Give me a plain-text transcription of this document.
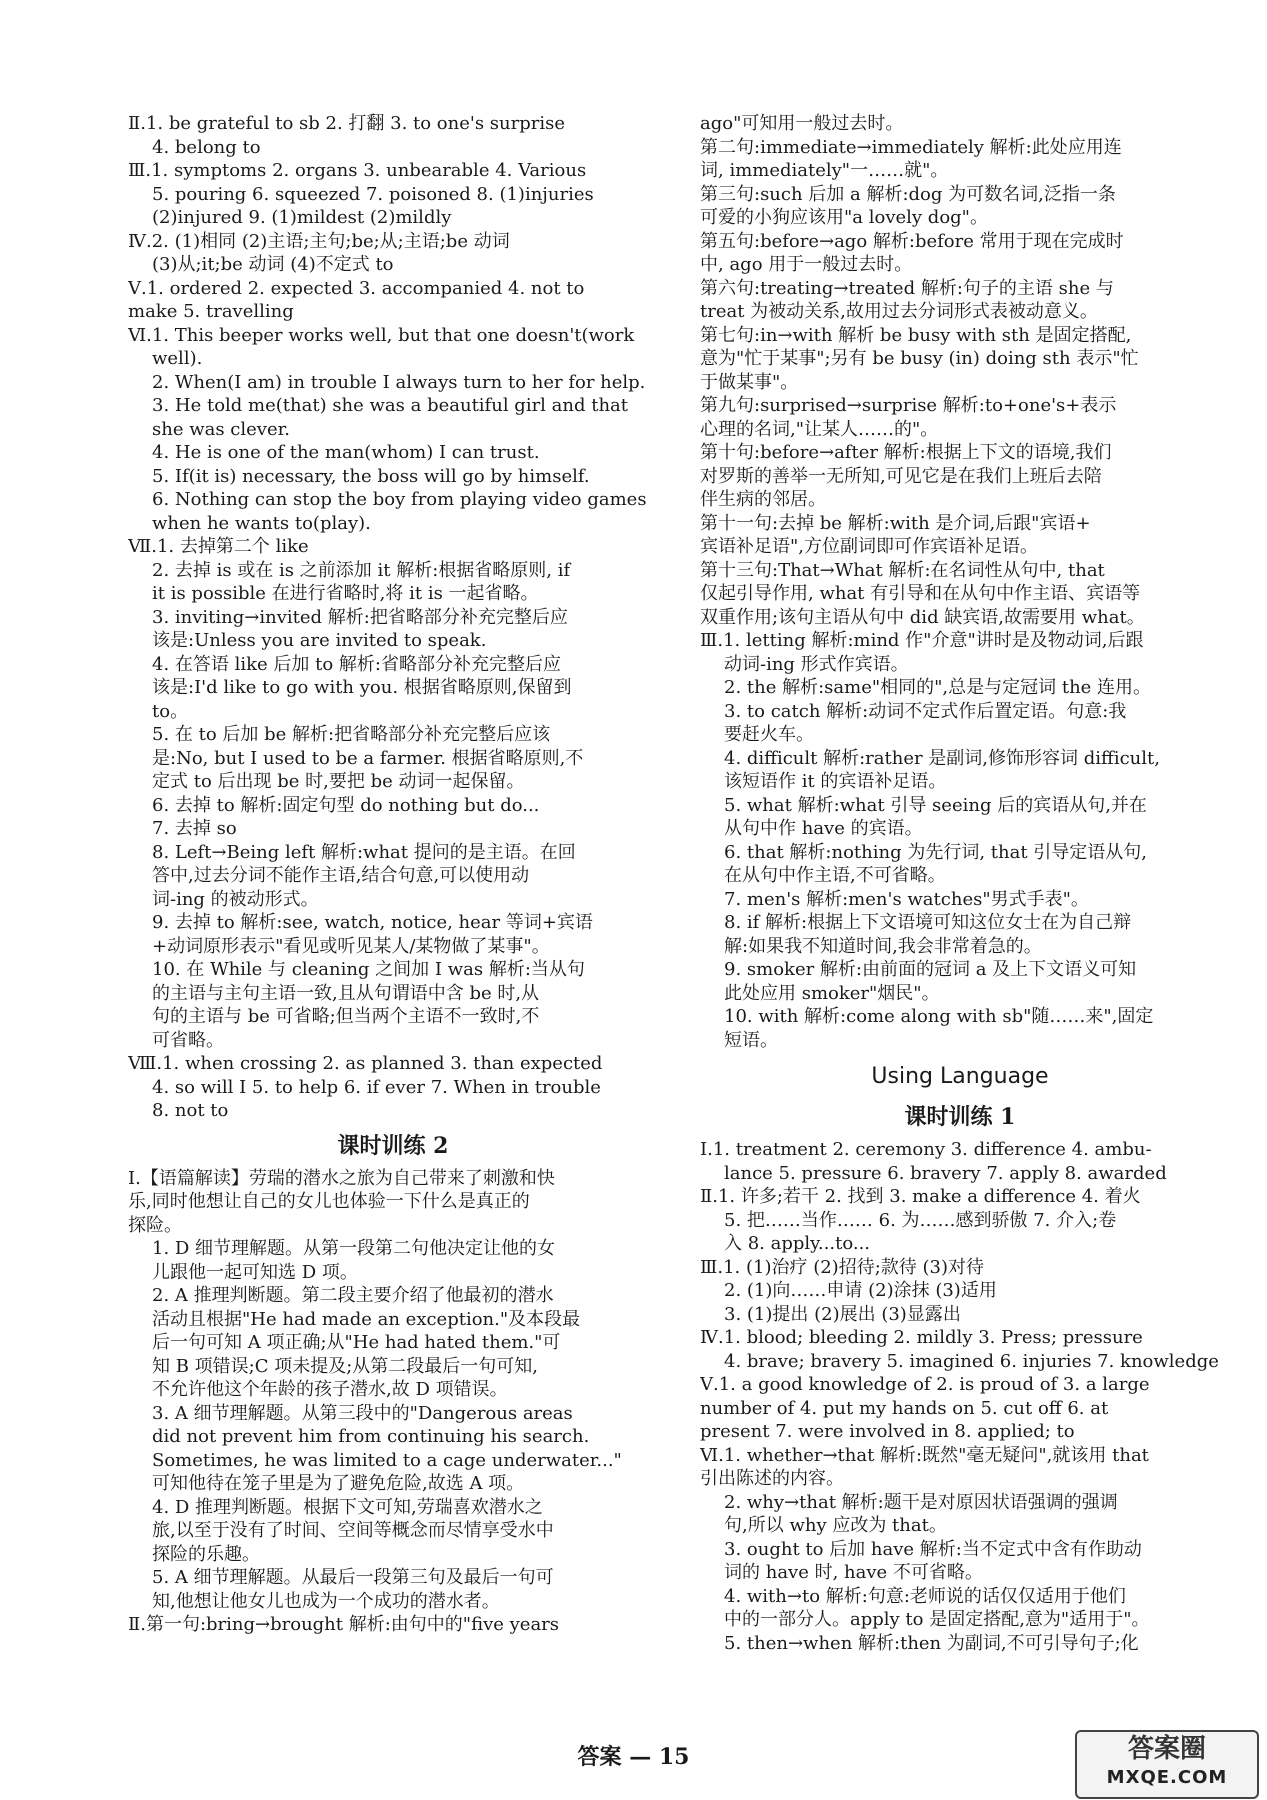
Ⅱ.1. be grateful to sb 2. 打翻 3. to one's surprise
4. belong to
Ⅲ.1. symptoms 2. organs 3. unbearable 4. Various
5. pouring 6. squeezed 7. poisoned 8. (1)injuries
(2)injured 9. (1)mildest (2)mildly
Ⅳ.2. (1)相同 (2)主语;主句;be;从;主语;be 动词
(3)从;it;be 动词 (4)不定式 to
Ⅴ.1. ordered 2. expected 3. accompanied 4. not to
make 5. travelling
Ⅵ.1. This beeper works well, but that one doesn't(work
well).
2. When(I am) in trouble I always turn to her for help.
3. He told me(that) she was a beautiful girl and that
she was clever.
4. He is one of the man(whom) I can trust.
5. If(it is) necessary, the boss will go by himself.
6. Nothing can stop the boy from playing video games
when he wants to(play).
Ⅶ.1. 去掉第二个 like
2. 去掉 is 或在 is 之前添加 it 解析:根据省略原则, if
it is possible 在进行省略时,将 it is 一起省略。
3. inviting→invited 解析:把省略部分补充完整后应
该是:Unless you are invited to speak.
4. 在答语 like 后加 to 解析:省略部分补充完整后应
该是:I'd like to go with you. 根据省略原则,保留到
to。
5. 在 to 后加 be 解析:把省略部分补充完整后应该
是:No, but I used to be a farmer. 根据省略原则,不
定式 to 后出现 be 时,要把 be 动词一起保留。
6. 去掉 to 解析:固定句型 do nothing but do...
7. 去掉 so
8. Left→Being left 解析:what 提问的是主语。在回
答中,过去分词不能作主语,结合句意,可以使用动
词-ing 的被动形式。
9. 去掉 to 解析:see, watch, notice, hear 等词+宾语
+动词原形表示"看见或听见某人/某物做了某事"。
10. 在 While 与 cleaning 之间加 I was 解析:当从句
的主语与主句主语一致,且从句谓语中含 be 时,从
句的主语与 be 可省略;但当两个主语不一致时,不
可省略。
Ⅷ.1. when crossing 2. as planned 3. than expected
4. so will I 5. to help 6. if ever 7. When in trouble
8. not to
课时训练 2
Ⅰ.【语篇解读】劳瑞的潜水之旅为自己带来了刺激和快
乐,同时他想让自己的女儿也体验一下什么是真正的
探险。
1. D 细节理解题。从第一段第二句他决定让他的女
儿跟他一起可知选 D 项。
2. A 推理判断题。第二段主要介绍了他最初的潜水
活动且根据"He had made an exception."及本段最
后一句可知 A 项正确;从"He had hated them."可
知 B 项错误;C 项未提及;从第二段最后一句可知,
不允许他这个年龄的孩子潜水,故 D 项错误。
3. A 细节理解题。从第三段中的"Dangerous areas
did not prevent him from continuing his search.
Sometimes, he was limited to a cage underwater..."
可知他待在笼子里是为了避免危险,故选 A 项。
4. D 推理判断题。根据下文可知,劳瑞喜欢潜水之
旅,以至于没有了时间、空间等概念而尽情享受水中
探险的乐趣。
5. A 细节理解题。从最后一段第三句及最后一句可
知,他想让他女儿也成为一个成功的潜水者。
Ⅱ.第一句:bring→brought 解析:由句中的"five years
ago"可知用一般过去时。
第二句:immediate→immediately 解析:此处应用连
词, immediately"一……就"。
第三句:such 后加 a 解析:dog 为可数名词,泛指一条
可爱的小狗应该用"a lovely dog"。
第五句:before→ago 解析:before 常用于现在完成时
中, ago 用于一般过去时。
第六句:treating→treated 解析:句子的主语 she 与
treat 为被动关系,故用过去分词形式表被动意义。
第七句:in→with 解析 be busy with sth 是固定搭配,
意为"忙于某事";另有 be busy (in) doing sth 表示"忙
于做某事"。
第九句:surprised→surprise 解析:to+one's+表示
心理的名词,"让某人……的"。
第十句:before→after 解析:根据上下文的语境,我们
对罗斯的善举一无所知,可见它是在我们上班后去陪
伴生病的邻居。
第十一句:去掉 be 解析:with 是介词,后跟"宾语+
宾语补足语",方位副词即可作宾语补足语。
第十三句:That→What 解析:在名词性从句中, that
仅起引导作用, what 有引导和在从句中作主语、宾语等
双重作用;该句主语从句中 did 缺宾语,故需要用 what。
Ⅲ.1. letting 解析:mind 作"介意"讲时是及物动词,后跟
动词-ing 形式作宾语。
2. the 解析:same"相同的",总是与定冠词 the 连用。
3. to catch 解析:动词不定式作后置定语。句意:我
要赶火车。
4. difficult 解析:rather 是副词,修饰形容词 difficult,
该短语作 it 的宾语补足语。
5. what 解析:what 引导 seeing 后的宾语从句,并在
从句中作 have 的宾语。
6. that 解析:nothing 为先行词, that 引导定语从句,
在从句中作主语,不可省略。
7. men's 解析:men's watches"男式手表"。
8. if 解析:根据上下文语境可知这位女士在为自己辩
解:如果我不知道时间,我会非常着急的。
9. smoker 解析:由前面的冠词 a 及上下文语义可知
此处应用 smoker"烟民"。
10. with 解析:come along with sb"随……来",固定
短语。
Using Language
课时训练 1
Ⅰ.1. treatment 2. ceremony 3. difference 4. ambu-
lance 5. pressure 6. bravery 7. apply 8. awarded
Ⅱ.1. 许多;若干 2. 找到 3. make a difference 4. 着火
5. 把……当作…… 6. 为……感到骄傲 7. 介入;卷
入 8. apply...to...
Ⅲ.1. (1)治疗 (2)招待;款待 (3)对待
2. (1)向……申请 (2)涂抹 (3)适用
3. (1)提出 (2)展出 (3)显露出
Ⅳ.1. blood; bleeding 2. mildly 3. Press; pressure
4. brave; bravery 5. imagined 6. injuries 7. knowledge
Ⅴ.1. a good knowledge of 2. is proud of 3. a large
number of 4. put my hands on 5. cut off 6. at
present 7. were involved in 8. applied; to
Ⅵ.1. whether→that 解析:既然"毫无疑问",就该用 that
引出陈述的内容。
2. why→that 解析:题干是对原因状语强调的强调
句,所以 why 应改为 that。
3. ought to 后加 have 解析:当不定式中含有作助动
词的 have 时, have 不可省略。
4. with→to 解析:句意:老师说的话仅仅适用于他们
中的一部分人。apply to 是固定搭配,意为"适用于"。
5. then→when 解析:then 为副词,不可引导句子;化
答案 — 15	答案圈
MXQE.COM
